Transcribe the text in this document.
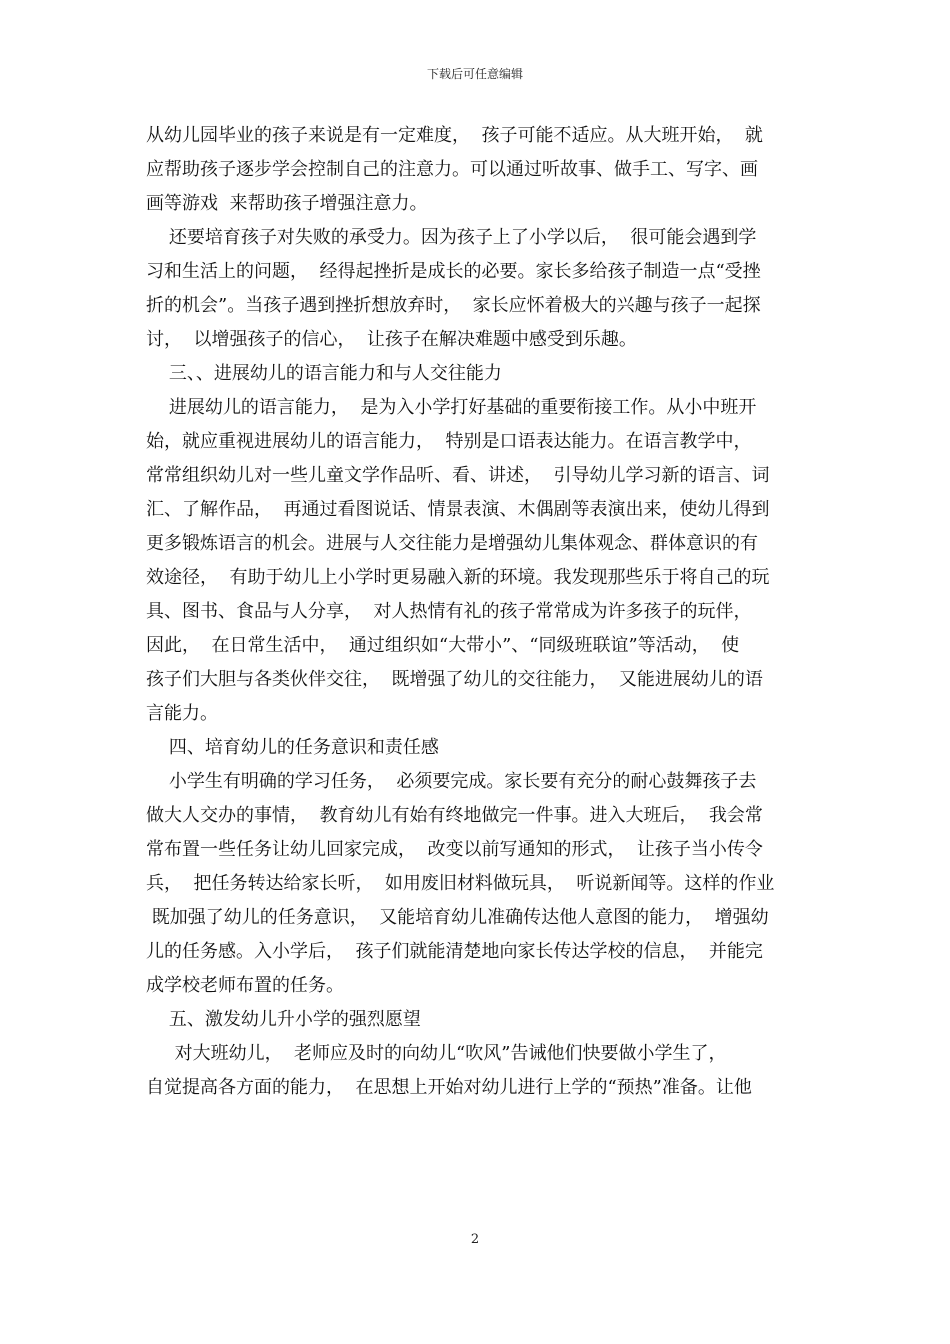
下载后可任意编辑
从幼儿园毕业的孩子来说是有一定难度，  孩子可能不适应。从大班开始，  就
应帮助孩子逐步学会控制自己的注意力。可以通过听故事、做手工、写字、画
画等游戏  来帮助孩子增强注意力。
还要培育孩子对失败的承受力。因为孩子上了小学以后，  很可能会遇到学
习和生活上的问题，  经得起挫折是成长的必要。家长多给孩子制造一点“受挫
折的机会”。当孩子遇到挫折想放弃时，  家长应怀着极大的兴趣与孩子一起探
讨，  以增强孩子的信心，  让孩子在解决难题中感受到乐趣。
三、、进展幼儿的语言能力和与人交往能力
进展幼儿的语言能力，  是为入小学打好基础的重要衔接工作。从小中班开
始，就应重视进展幼儿的语言能力，  特别是口语表达能力。在语言教学中，
常常组织幼儿对一些儿童文学作品听、看、讲述，  引导幼儿学习新的语言、词
汇、了解作品，  再通过看图说话、情景表演、木偶剧等表演出来，使幼儿得到
更多锻炼语言的机会。进展与人交往能力是增强幼儿集体观念、群体意识的有
效途径，  有助于幼儿上小学时更易融入新的环境。我发现那些乐于将自己的玩
具、图书、食品与人分享，  对人热情有礼的孩子常常成为许多孩子的玩伴，
因此，  在日常生活中，  通过组织如“大带小”、“同级班联谊”等活动，  使
孩子们大胆与各类伙伴交往，  既增强了幼儿的交往能力，  又能进展幼儿的语
言能力。
四、培育幼儿的任务意识和责任感
小学生有明确的学习任务，  必须要完成。家长要有充分的耐心鼓舞孩子去
做大人交办的事情，  教育幼儿有始有终地做完一件事。进入大班后，  我会常
常布置一些任务让幼儿回家完成，  改变以前写通知的形式，  让孩子当小传令
兵，  把任务转达给家长听，  如用废旧材料做玩具，  听说新闻等。这样的作业
既加强了幼儿的任务意识，  又能培育幼儿准确传达他人意图的能力，  增强幼
儿的任务感。入小学后，  孩子们就能清楚地向家长传达学校的信息，  并能完
成学校老师布置的任务。
五、激发幼儿升小学的强烈愿望
对大班幼儿，  老师应及时的向幼儿“吹风”告诫他们快要做小学生了，
自觉提高各方面的能力，  在思想上开始对幼儿进行上学的“预热”准备。让他
2
